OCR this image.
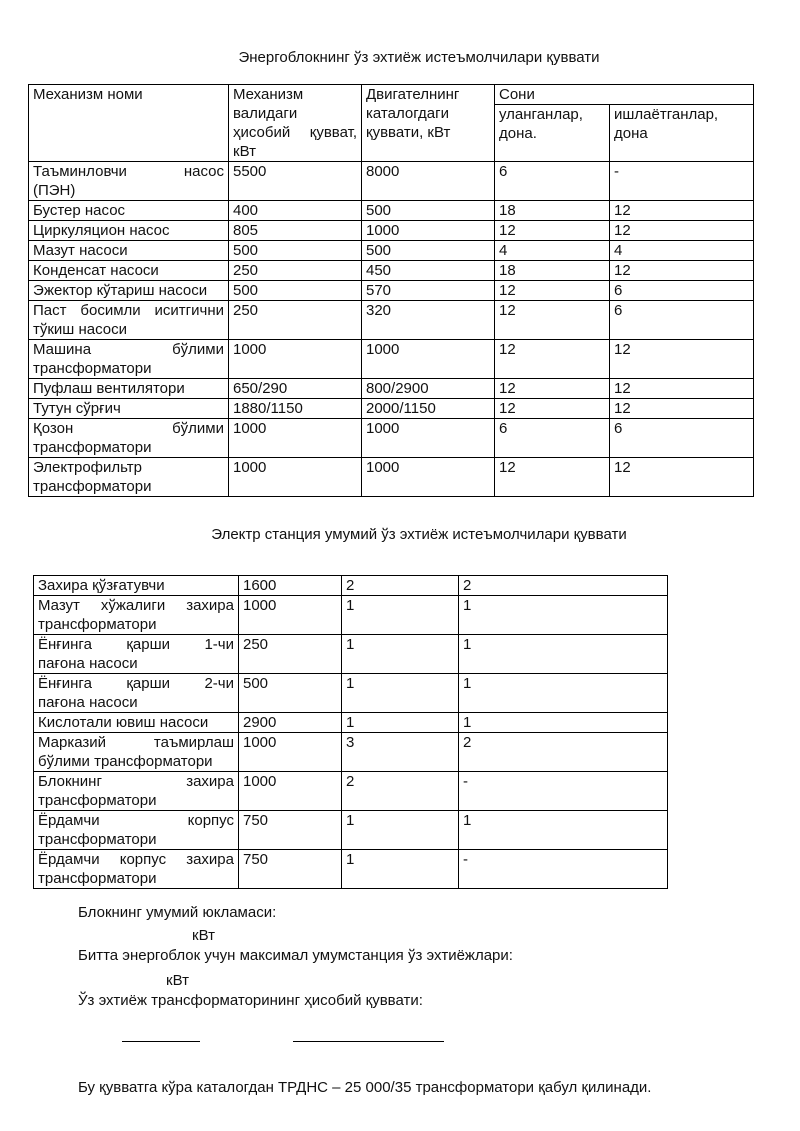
Энергоблокнинг ўз эхтиёж истеъмолчилари қуввати
Механизм номи	Механизм валидаги ҳисобий қувват, кВт	Двигателнинг каталогдаги қуввати, кВт	Сони	
			уланганлар, дона.	ишлаётганлар, дона

Таъминловчи насос
(ПЭН)	5500	8000	6	-

Бустер насос	400	500	18	12

Циркуляцион насос	805	1000	12	12

Мазут насоси	500	500	4	4

Конденсат насоси	250	450	18	12

Эжектор кўтариш насоси	500	570	12	6

Паст босимли иситгични
тўкиш насоси	250	320	12	6

Машина бўлими
трансформатори	1000	1000	12	12

Пуфлаш вентилятори	650/290	800/2900	12	12

Тутун сўрғич	1880/1150	2000/1150	12	12

Қозон бўлими
трансформатори	1000	1000	6	6

Электрофильтр
трансформатори	1000	1000	12	12
Электр станция умумий ўз эхтиёж истеъмолчилари қуввати
Захира қўзғатувчи	1600	2	2

Мазут хўжалиги захира
трансформатори	1000	1	1

Ёнғинга қарши 1-чи
пағона насоси	250	1	1

Ёнғинга қарши 2-чи
пағона насоси	500	1	1

Кислотали ювиш насоси	2900	1	1

Марказий таъмирлаш
бўлими трансформатори	1000	3	2

Блокнинг захира
трансформатори	1000	2	-

Ёрдамчи корпус
трансформатори	750	1	1

Ёрдамчи корпус захира
трансформатори	750	1	-
Блокнинг умумий юкламаси:
кВт
Битта энергоблок учун максимал умумстанция ўз эхтиёжлари:
кВт
Ўз эхтиёж трансформаторининг ҳисобий қуввати:
Бу қувватга кўра каталогдан ТРДНС – 25 000/35 трансформатори қабул қилинади.
